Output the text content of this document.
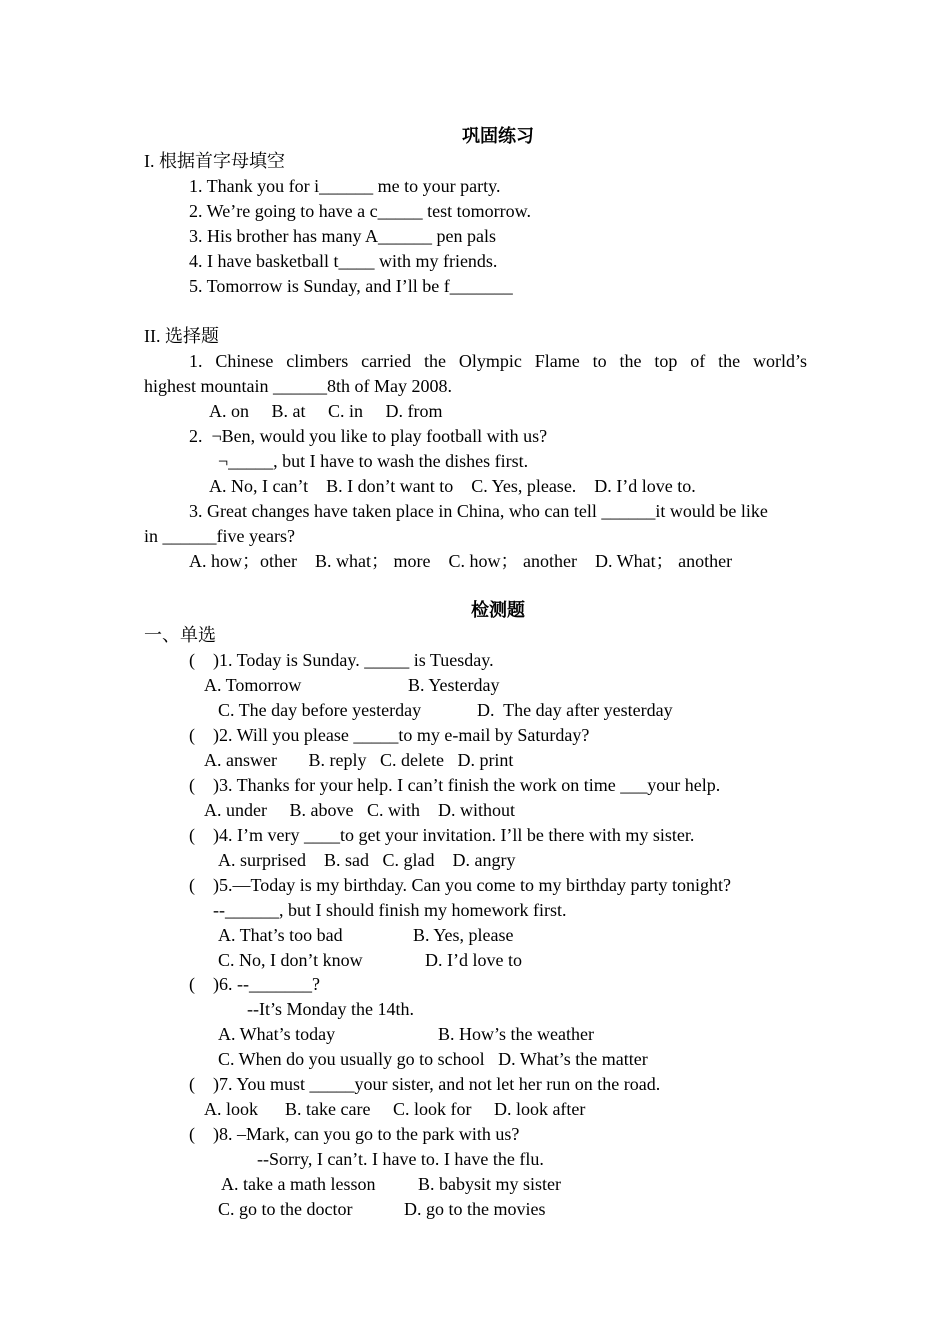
巩固练习
I. 根据首字母填空
1. Thank you for i______ me to your party.
2. We’re going to have a c_____ test tomorrow.
3. His brother has many A______ pen pals
4. I have basketball t____ with my friends.
5. Tomorrow is Sunday, and I’ll be f_______
II. 选择题
1. Chinese climbers carried the Olympic Flame to the top of the world’s
highest mountain ______8th of May 2008.
A. on     B. at     C. in     D. from
2.  ¬Ben, would you like to play football with us?
¬_____, but I have to wash the dishes first.
A. No, I can’t    B. I don’t want to    C. Yes, please.    D. I’d love to.
3. Great changes have taken place in China, who can tell ______it would be like
in ______five years?
A. how；other    B. what； more    C. how； another    D. What； another
检测题
一、单选
(    )1. Today is Sunday. _____ is Tuesday.
A. Tomorrow	B. Yesterday
C. The day before yesterday	D.  The day after yesterday
(    )2. Will you please _____to my e-mail by Saturday?
A. answer       B. reply   C. delete   D. print
(    )3. Thanks for your help. I can’t finish the work on time ___your help.
A. under     B. above   C. with    D. without
(    )4. I’m very ____to get your invitation. I’ll be there with my sister.
A. surprised    B. sad   C. glad    D. angry
(    )5.—Today is my birthday. Can you come to my birthday party tonight?
--______, but I should finish my homework first.
A. That’s too bad	B. Yes, please
C. No, I don’t know	D. I’d love to
(    )6. --_______?
--It’s Monday the 14th.
A. What’s today	B. How’s the weather
C. When do you usually go to school   D. What’s the matter
(    )7. You must _____your sister, and not let her run on the road.
A. look      B. take care     C. look for     D. look after
(    )8. –Mark, can you go to the park with us?
--Sorry, I can’t. I have to. I have the flu.
A. take a math lesson B. babysit my sister
C. go to the doctor	D. go to the movies
